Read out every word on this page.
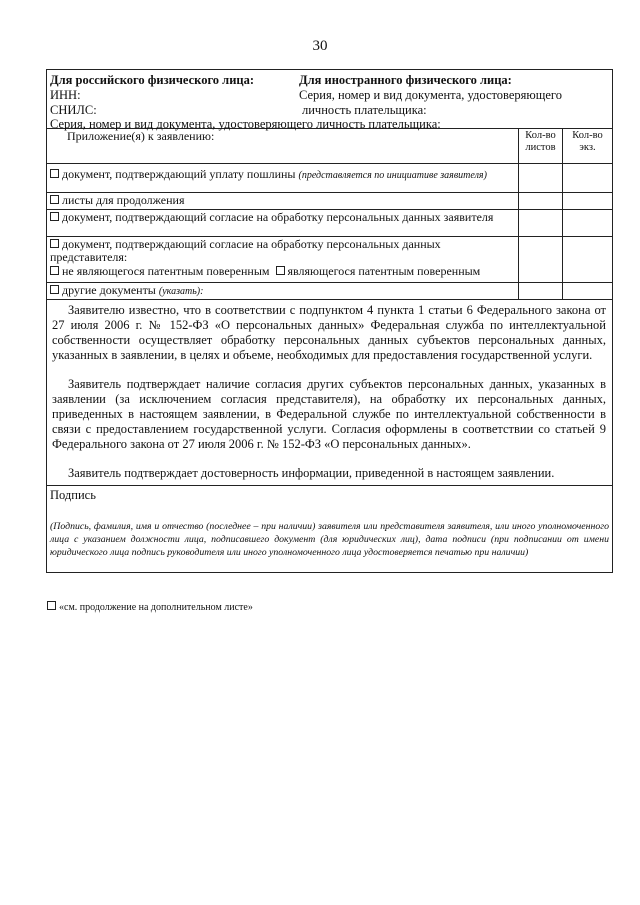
30
Для российского физического лица:
ИНН:
СНИЛС:
Для иностранного физического лица:
Серия, номер и вид документа, удостоверяющего
личность плательщика:
Серия, номер и вид документа, удостоверяющего личность плательщика:
Приложение(я) к заявлению:	Кол-во
листов
Кол-во
экз.
документ, подтверждающий уплату пошлины (представляется по инициативе заявителя)
листы для продолжения
документ, подтверждающий согласие на обработку персональных данных заявителя
документ, подтверждающий согласие на обработку персональных данных представителя:
не являющегося патентным поверенным являющегося патентным поверенным
другие документы (указать):

Заявителю известно, что в соответствии с подпунктом 4 пункта 1 статьи 6 Федерального закона от 27 июля 2006 г. № 152-ФЗ «О персональных данных» Федеральная служба по интеллектуальной собственности осуществляет обработку персональных данных субъектов персональных данных, указанных в заявлении, в целях и объеме, необходимых для предоставления государственной услуги.

Заявитель подтверждает наличие согласия других субъектов персональных данных, указанных в заявлении (за исключением согласия представителя), на обработку их персональных данных, приведенных в настоящем заявлении, в Федеральной службе по интеллектуальной собственности в связи с предоставлением государственной услуги. Согласия оформлены в соответствии со статьей 9 Федерального закона от 27 июля 2006 г. № 152-ФЗ «О персональных данных».

Заявитель подтверждает достоверность информации, приведенной в настоящем заявлении.

Подпись
(Подпись, фамилия, имя и отчество (последнее – при наличии) заявителя или представителя заявителя, или иного уполномоченного лица с указанием должности лица, подписавшего документ (для юридических лиц), дата подписи (при подписании от имени юридического лица подпись руководителя или иного уполномоченного лица удостоверяется печатью при наличии)
«см. продолжение на дополнительном листе»
